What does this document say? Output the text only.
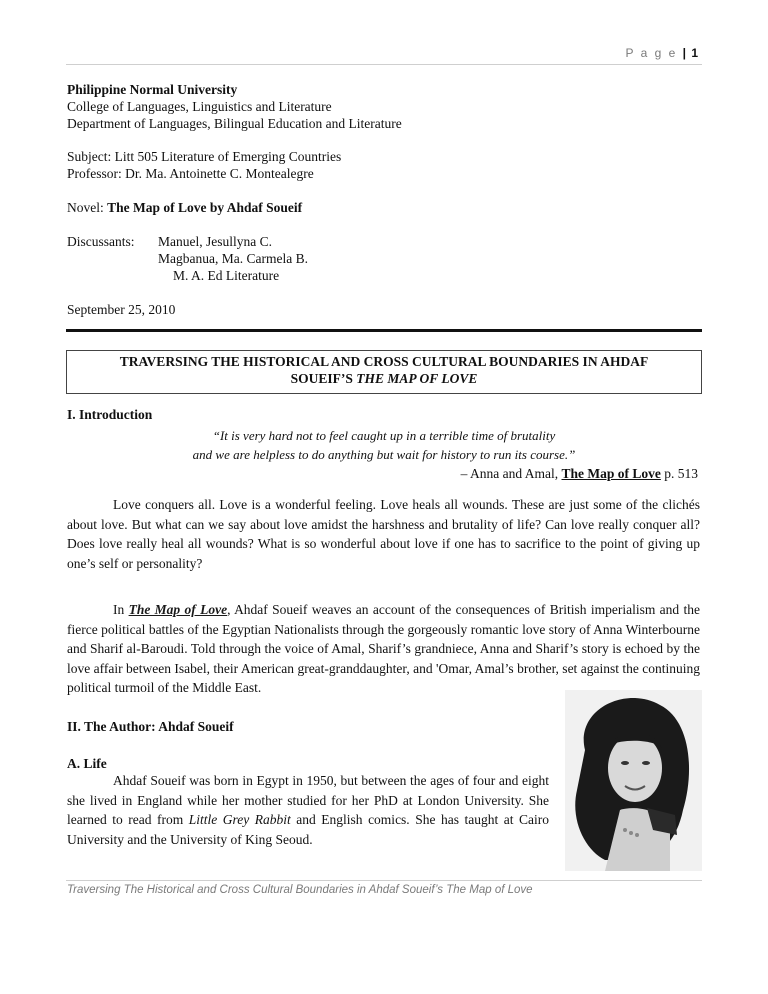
P a g e | 1
Philippine Normal University
College of Languages, Linguistics and Literature
Department of Languages, Bilingual Education and Literature
Subject: Litt 505 Literature of Emerging Countries
Professor: Dr. Ma. Antoinette C. Montealegre
Novel: The Map of Love by Ahdaf Soueif
Discussants: Manuel, Jesullyna C.
Magbanua, Ma. Carmela B.
M. A. Ed Literature
September 25, 2010
TRAVERSING THE HISTORICAL AND CROSS CULTURAL BOUNDARIES IN AHDAF
SOUEIF’S THE MAP OF LOVE
I. Introduction
“It is very hard not to feel caught up in a terrible time of brutality
and we are helpless to do anything but wait for history to run its course.”
– Anna and Amal, The Map of Love p. 513
Love conquers all. Love is a wonderful feeling. Love heals all wounds. These are just some of the clichés about love. But what can we say about love amidst the harshness and brutality of life? Can love really conquer all? Does love really heal all wounds? What is so wonderful about love if one has to sacrifice to the point of giving up one’s self or personality?
In The Map of Love, Ahdaf Soueif weaves an account of the consequences of British imperialism and the fierce political battles of the Egyptian Nationalists through the gorgeously romantic love story of Anna Winterbourne and Sharif al-Baroudi. Told through the voice of Amal, Sharif’s grandniece, Anna and Sharif’s story is echoed by the love affair between Isabel, their American great-granddaughter, and 'Omar, Amal’s brother, set against the continuing political turmoil of the Middle East.
II. The Author: Ahdaf Soueif
A. Life
Ahdaf Soueif was born in Egypt in 1950, but between the ages of four and eight she lived in England while her mother studied for her PhD at London University. She learned to read from Little Grey Rabbit and English comics. She has taught at Cairo University and the University of King Seoud.
Traversing The Historical and Cross Cultural Boundaries in Ahdaf Soueif’s The Map of Love
